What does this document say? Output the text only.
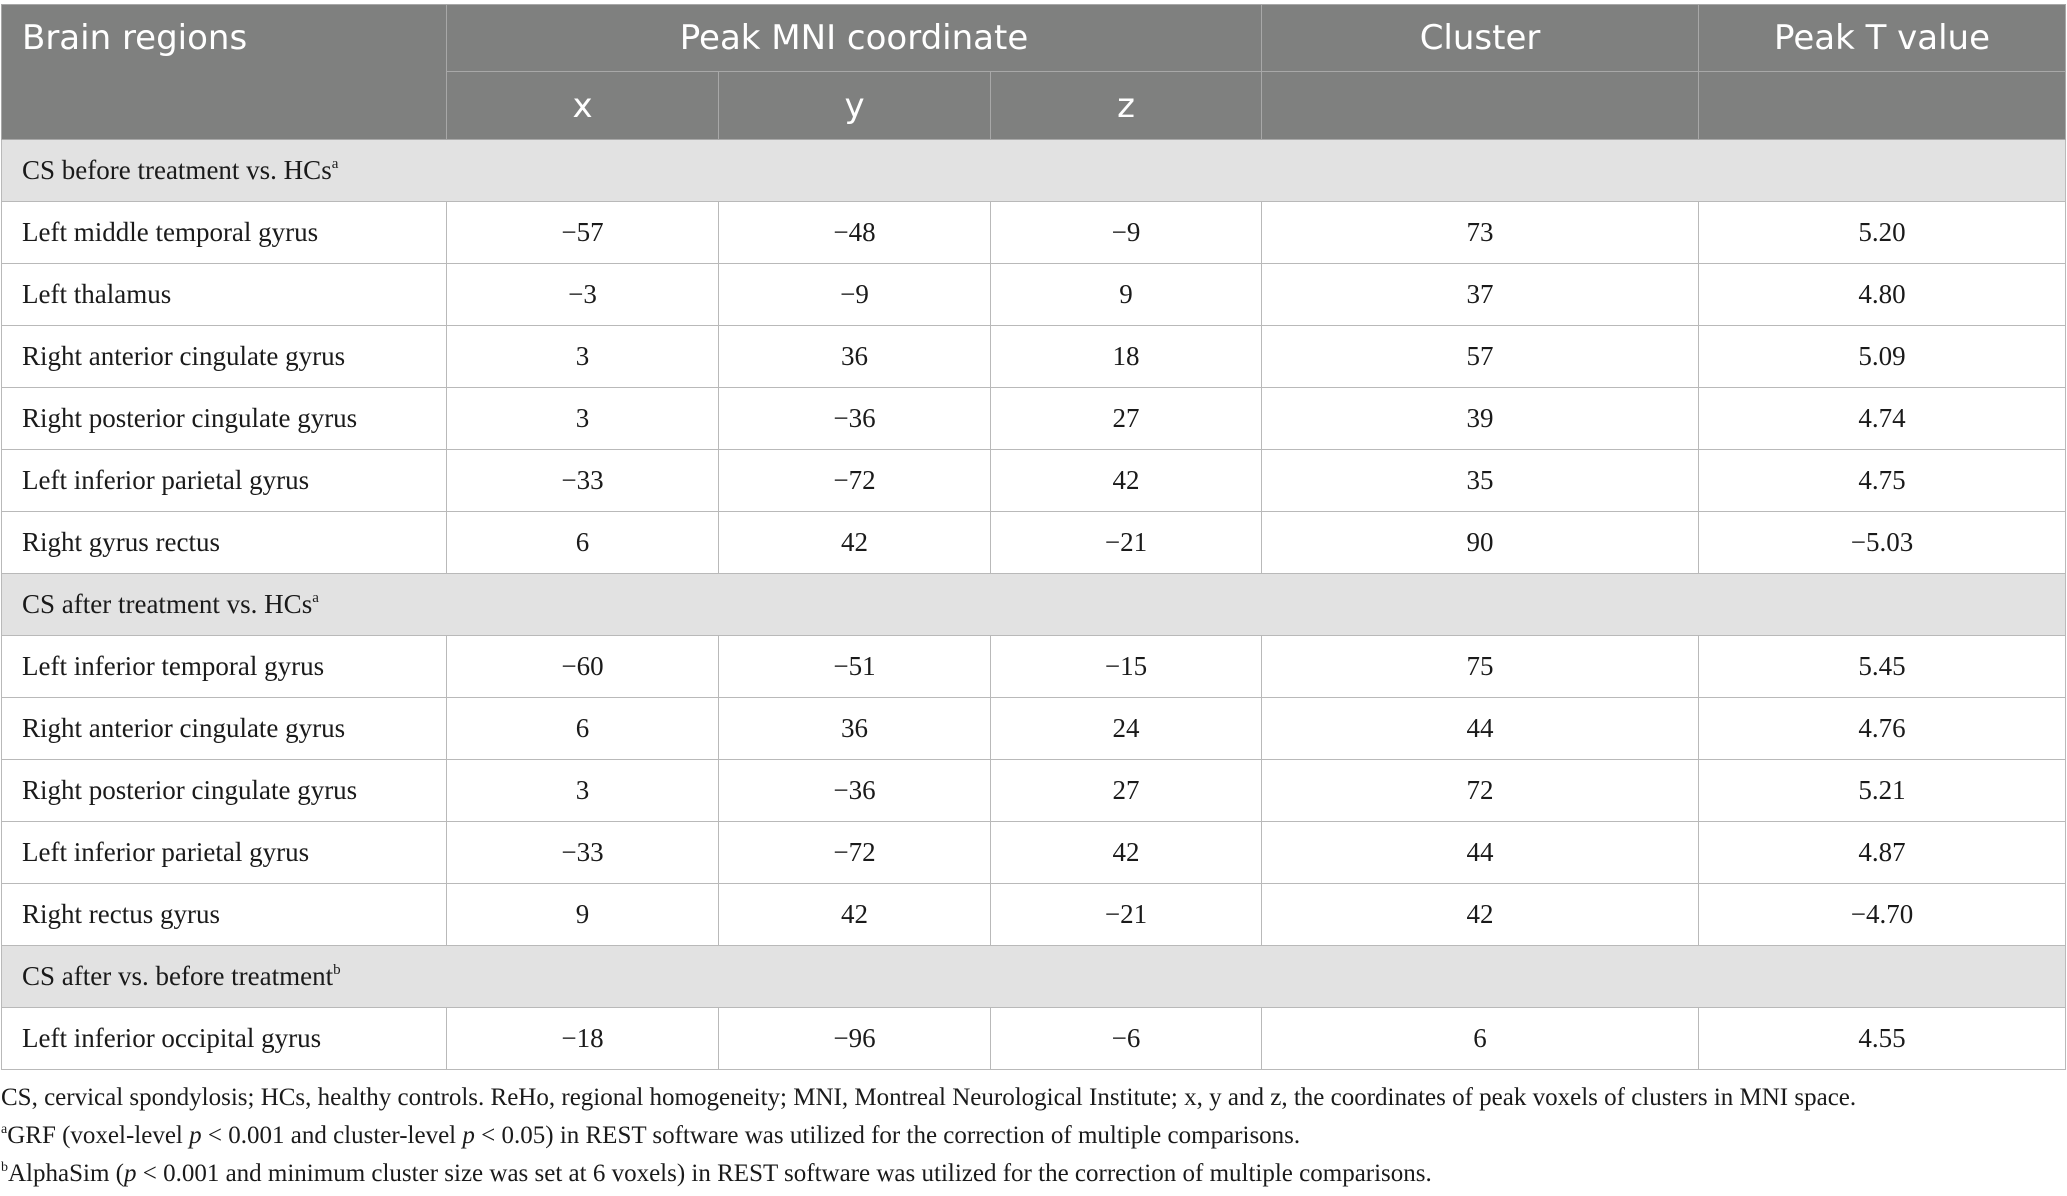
Brain regions	Peak MNI coordinate			Cluster	Peak T value
	x	y	z		
CS before treatment vs. HCs$^a$
Left middle temporal gyrus	−57	−48	−9	73	5.20
Left thalamus	−3	−9	9	37	4.80
Right anterior cingulate gyrus	3	36	18	57	5.09
Right posterior cingulate gyrus	3	−36	27	39	4.74
Left inferior parietal gyrus	−33	−72	42	35	4.75
Right gyrus rectus	6	42	−21	90	−5.03
CS after treatment vs. HCs$^a$
Left inferior temporal gyrus	−60	−51	−15	75	5.45
Right anterior cingulate gyrus	6	36	24	44	4.76
Right posterior cingulate gyrus	3	−36	27	72	5.21
Left inferior parietal gyrus	−33	−72	42	44	4.87
Right rectus gyrus	9	42	−21	42	−4.70
CS after vs. before treatment$^b$
Left inferior occipital gyrus	−18	−96	−6	6	4.55

CS, cervical spondylosis; HCs, healthy controls. ReHo, regional homogeneity; MNI, Montreal Neurological Institute; x, y and z, the coordinates of peak voxels of clusters in MNI space.

$^a$GRF (voxel-level p < 0.001 and cluster-level p < 0.05) in REST software was utilized for the correction of multiple comparisons.

$^b$AlphaSim (p < 0.001 and minimum cluster size was set at 6 voxels) in REST software was utilized for the correction of multiple comparisons.
